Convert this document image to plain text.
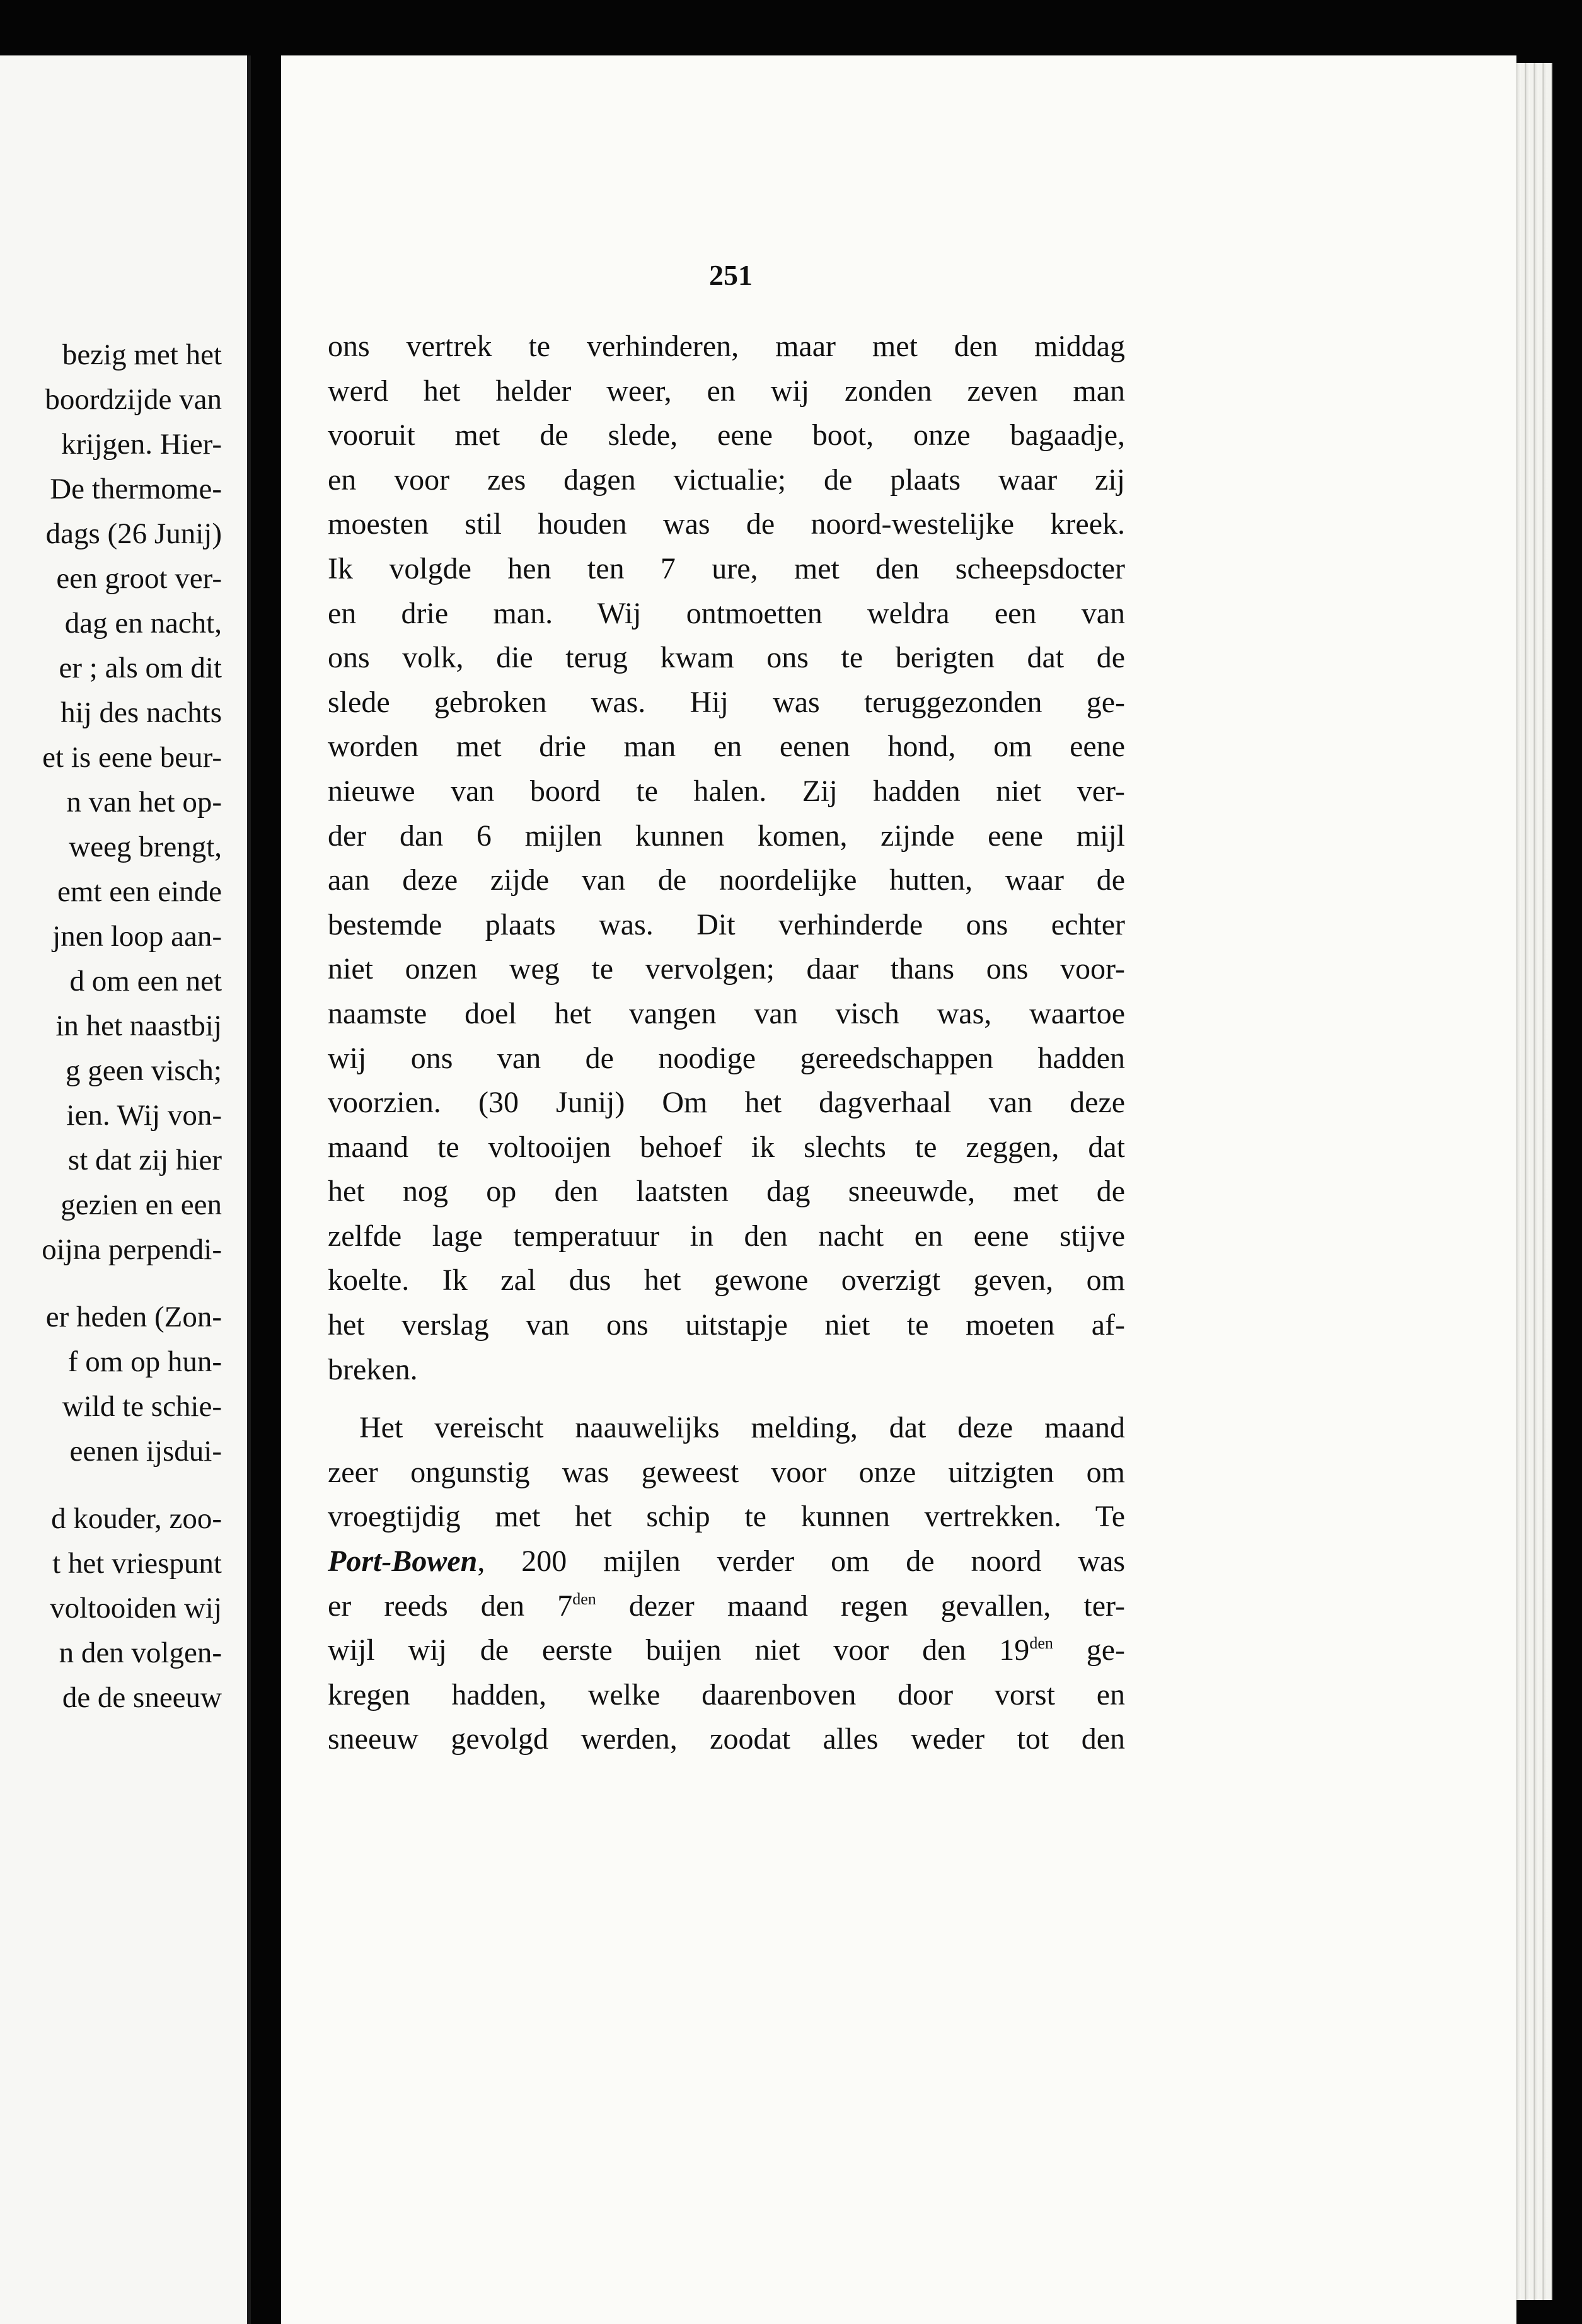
bezig met het
boordzijde van
krijgen. Hier-
De thermome-
dags (26 Junij)
een groot ver-
dag en nacht,
er ; als om dit
hij des nachts
et is eene beur-
n van het op-
weeg brengt,
emt een einde
jnen loop aan-
d om een net
in het naastbij
g geen visch;
ien. Wij von-
st dat zij hier
gezien en een
oijna perpendi-
er heden (Zon-
f om op hun-
wild te schie-
eenen ijsdui-
d kouder, zoo-
t het vriespunt
voltooiden wij
n den volgen-
de de sneeuw
251
ons vertrek te verhinderen, maar met den middag
werd het helder weer, en wij zonden zeven man
vooruit met de slede, eene boot, onze bagaadje,
en voor zes dagen victualie; de plaats waar zij
moesten stil houden was de noord-westelijke kreek.
Ik volgde hen ten 7 ure, met den scheepsdocter
en drie man. Wij ontmoetten weldra een van
ons volk, die terug kwam ons te berigten dat de
slede gebroken was. Hij was teruggezonden ge-
worden met drie man en eenen hond, om eene
nieuwe van boord te halen. Zij hadden niet ver-
der dan 6 mijlen kunnen komen, zijnde eene mijl
aan deze zijde van de noordelijke hutten, waar de
bestemde plaats was. Dit verhinderde ons echter
niet onzen weg te vervolgen; daar thans ons voor-
naamste doel het vangen van visch was, waartoe
wij ons van de noodige gereedschappen hadden
voorzien. (30 Junij) Om het dagverhaal van deze
maand te voltooijen behoef ik slechts te zeggen, dat
het nog op den laatsten dag sneeuwde, met de
zelfde lage temperatuur in den nacht en eene stijve
koelte. Ik zal dus het gewone overzigt geven, om
het verslag van ons uitstapje niet te moeten af-
breken.
Het vereischt naauwelijks melding, dat deze maand
zeer ongunstig was geweest voor onze uitzigten om
vroegtijdig met het schip te kunnen vertrekken. Te
Port-Bowen, 200 mijlen verder om de noord was
er reeds den $7^{den}$ dezer maand regen gevallen, ter-
wijl wij de eerste buijen niet voor den $19^{den}$ ge-
kregen hadden, welke daarenboven door vorst en
sneeuw gevolgd werden, zoodat alles weder tot den
